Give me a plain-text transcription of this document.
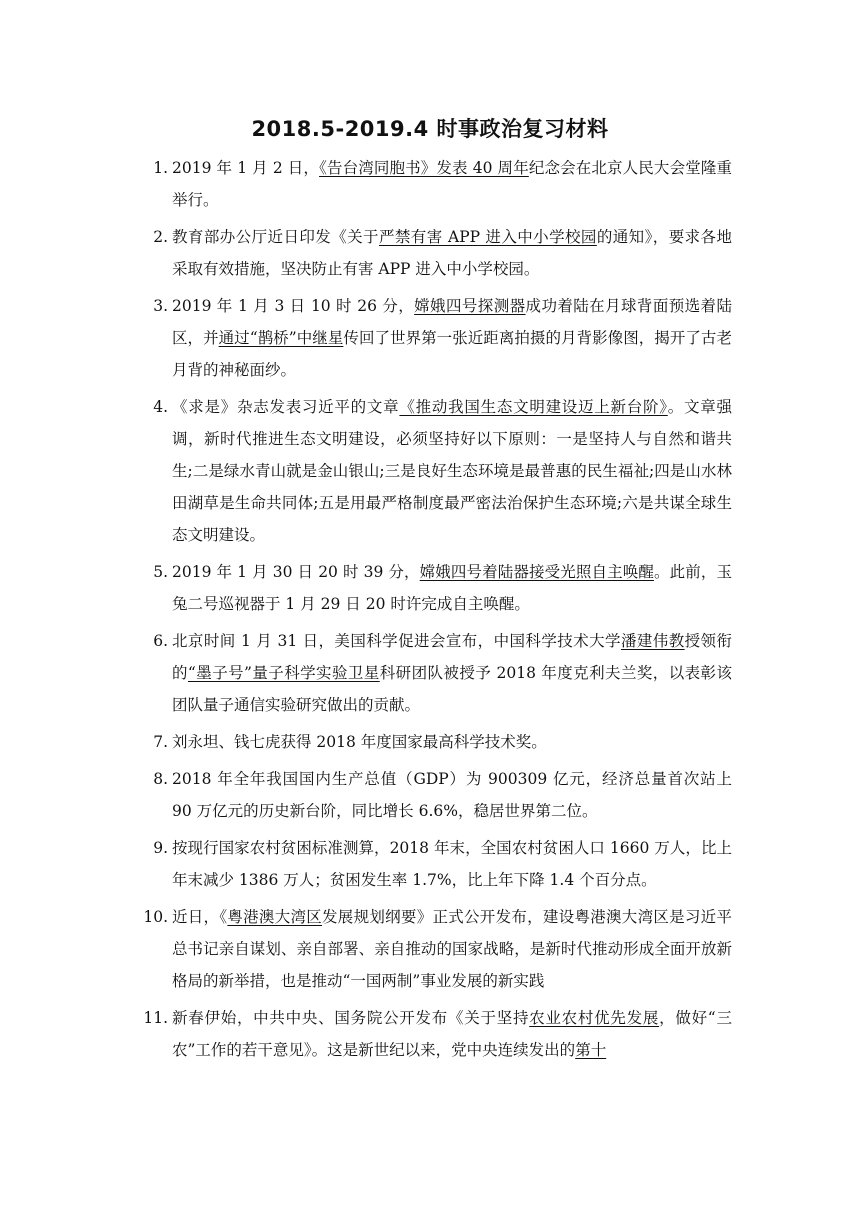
2018.5-2019.4 时事政治复习材料
1. 2019 年 1 月 2 日，《告台湾同胞书》发表 40 周年纪念会在北京人民大会堂隆重举行。
2. 教育部办公厅近日印发《关于严禁有害 APP 进入中小学校园的通知》，要求各地采取有效措施，坚决防止有害 APP 进入中小学校园。
3. 2019 年 1 月 3 日 10 时 26 分，嫦娥四号探测器成功着陆在月球背面预选着陆区，并通过“鹊桥”中继星传回了世界第一张近距离拍摄的月背影像图，揭开了古老月背的神秘面纱。
4. 《求是》杂志发表习近平的文章《推动我国生态文明建设迈上新台阶》。文章强调，新时代推进生态文明建设，必须坚持好以下原则：一是坚持人与自然和谐共生;二是绿水青山就是金山银山;三是良好生态环境是最普惠的民生福祉;四是山水林田湖草是生命共同体;五是用最严格制度最严密法治保护生态环境;六是共谋全球生态文明建设。
5. 2019 年 1 月 30 日 20 时 39 分，嫦娥四号着陆器接受光照自主唤醒。此前，玉兔二号巡视器于 1 月 29 日 20 时许完成自主唤醒。
6. 北京时间 1 月 31 日，美国科学促进会宣布，中国科学技术大学潘建伟教授领衔的“墨子号”量子科学实验卫星科研团队被授予 2018 年度克利夫兰奖，以表彰该团队量子通信实验研究做出的贡献。
7. 刘永坦、钱七虎获得 2018 年度国家最高科学技术奖。
8. 2018 年全年我国国内生产总值（GDP）为 900309 亿元，经济总量首次站上 90 万亿元的历史新台阶，同比增长 6.6%，稳居世界第二位。
9. 按现行国家农村贫困标准测算，2018 年末，全国农村贫困人口 1660 万人，比上年末减少 1386 万人；贫困发生率 1.7%，比上年下降 1.4 个百分点。
10. 近日，《粤港澳大湾区发展规划纲要》正式公开发布，建设粤港澳大湾区是习近平总书记亲自谋划、亲自部署、亲自推动的国家战略，是新时代推动形成全面开放新格局的新举措，也是推动“一国两制”事业发展的新实践
11. 新春伊始，中共中央、国务院公开发布《关于坚持农业农村优先发展，做好“三农”工作的若干意见》。这是新世纪以来，党中央连续发出的第十
